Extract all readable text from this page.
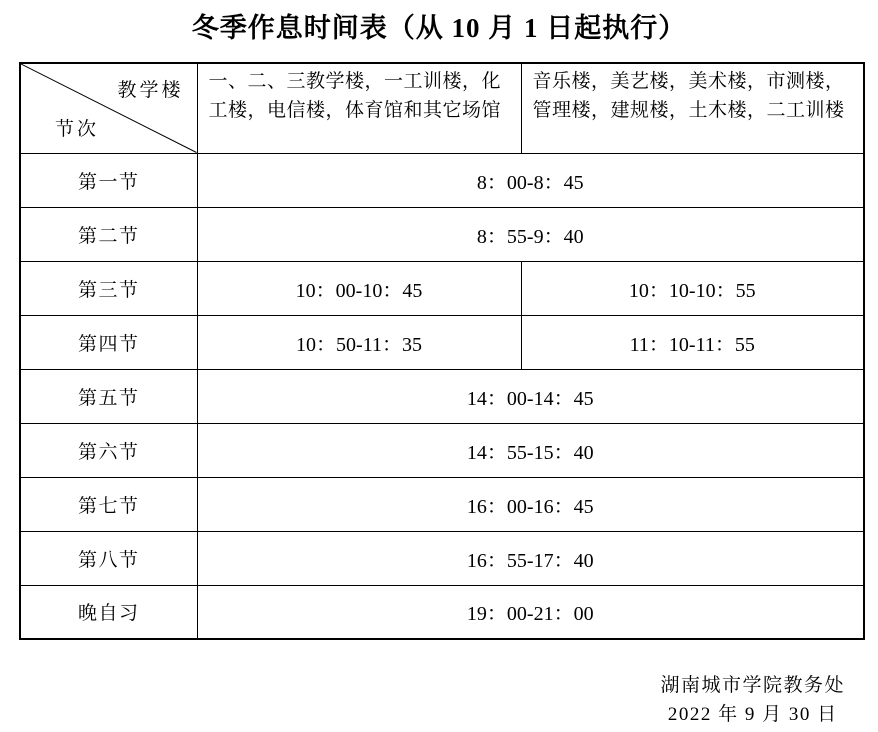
冬季作息时间表（从 10 月 1 日起执行）
教学楼
节次	一、二、三教学楼，一工训楼，化工楼，电信楼，体育馆和其它场馆	音乐楼，美艺楼，美术楼，市测楼，管理楼，建规楼，土木楼，二工训楼
第一节	8：00-8：45	
第二节	8：55-9：40	
第三节	10：00-10：45	10：10-10：55
第四节	10：50-11：35	11：10-11：55
第五节	14：00-14：45	
第六节	14：55-15：40	
第七节	16：00-16：45	
第八节	16：55-17：40	
晚自习	19：00-21：00	
湖南城市学院教务处
2022 年 9 月 30 日
